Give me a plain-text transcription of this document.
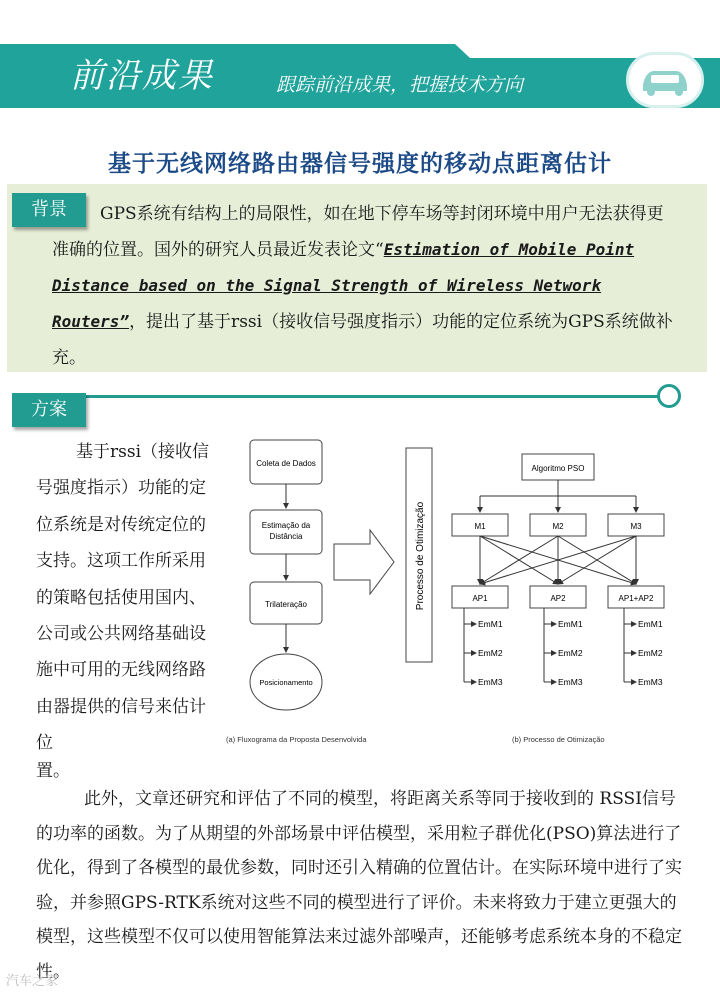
前沿成果	跟踪前沿成果，把握技术方向
基于无线网络路由器信号强度的移动点距离估计
背景	GPS系统有结构上的局限性，如在地下停车场等封闭环境中用户无法获得更准确的位置。国外的研究人员最近发表论文“Estimation of Mobile Point Distance based on the Signal Strength of Wireless Network Routers”，提出了基于rssi（接收信号强度指示）功能的定位系统为GPS系统做补充。
方案
基于rssi（接收信号强度指示）功能的定位系统是对传统定位的支持。这项工作所采用的策略包括使用国内、公司或公共网络基础设施中可用的无线网络路由器提供的信号来估计位
置。
Coleta de Dados
Estimação da
Distância
Trilateração
Posicionamento
Processo de Otimização
Algoritmo PSO
M1	M2	M3
AP1	AP2	AP1+AP2
EmM1
EmM2
EmM3
EmM1
EmM2
EmM3
EmM1
EmM2
EmM3
(a) Fluxograma da Proposta Desenvolvida	(b) Processo de Otimização
此外，文章还研究和评估了不同的模型，将距离关系等同于接收到的 RSSI信号的功率的函数。为了从期望的外部场景中评估模型，采用粒子群优化(PSO)算法进行了优化，得到了各模型的最优参数，同时还引入精确的位置估计。在实际环境中进行了实验，并参照GPS-RTK系统对这些不同的模型进行了评价。未来将致力于建立更强大的模型，这些模型不仅可以使用智能算法来过滤外部噪声，还能够考虑系统本身的不稳定性。
汽车之家
